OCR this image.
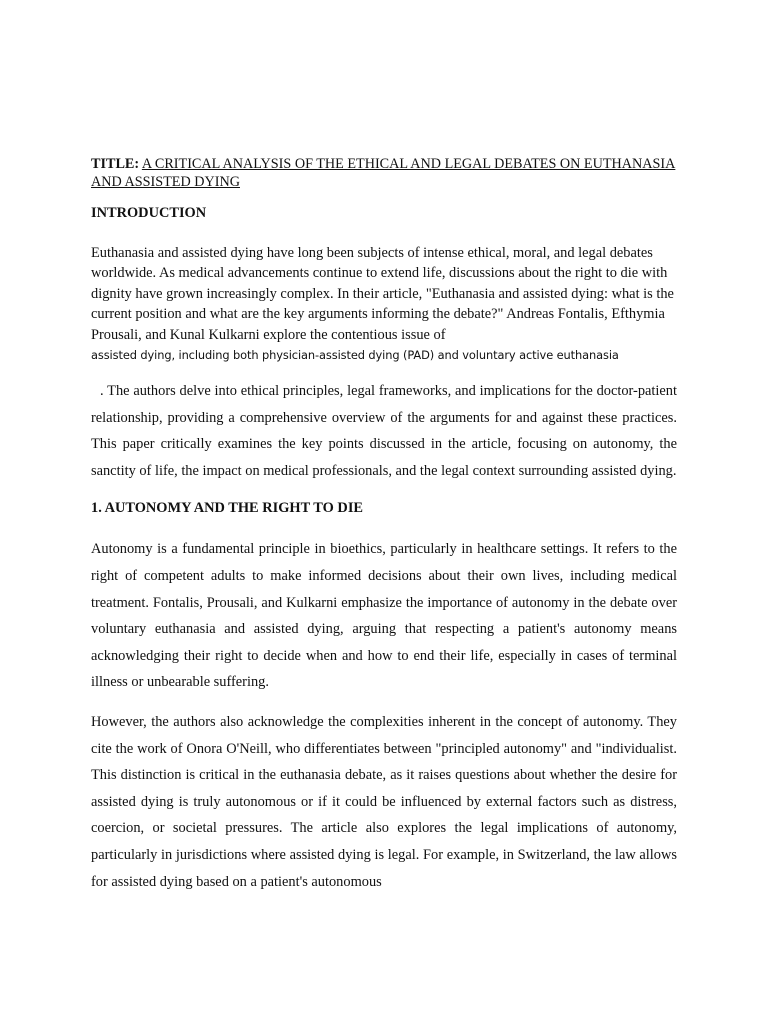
TITLE: A CRITICAL ANALYSIS OF THE ETHICAL AND LEGAL DEBATES ON EUTHANASIA AND ASSISTED DYING

INTRODUCTION

Euthanasia and assisted dying have long been subjects of intense ethical, moral, and legal debates worldwide. As medical advancements continue to extend life, discussions about the right to die with dignity have grown increasingly complex. In their article, "Euthanasia and assisted dying: what is the current position and what are the key arguments informing the debate?" Andreas Fontalis, Efthymia Prousali, and Kunal Kulkarni explore the contentious issue of
assisted dying, including both physician-assisted dying (PAD) and voluntary active euthanasia

. The authors delve into ethical principles, legal frameworks, and implications for the doctor-patient relationship, providing a comprehensive overview of the arguments for and against these practices. This paper critically examines the key points discussed in the article, focusing on autonomy, the sanctity of life, the impact on medical professionals, and the legal context surrounding assisted dying.

1. AUTONOMY AND THE RIGHT TO DIE

Autonomy is a fundamental principle in bioethics, particularly in healthcare settings. It refers to the right of competent adults to make informed decisions about their own lives, including medical treatment. Fontalis, Prousali, and Kulkarni emphasize the importance of autonomy in the debate over voluntary euthanasia and assisted dying, arguing that respecting a patient's autonomy means acknowledging their right to decide when and how to end their life, especially in cases of terminal illness or unbearable suffering.

However, the authors also acknowledge the complexities inherent in the concept of autonomy. They cite the work of Onora O'Neill, who differentiates between "principled autonomy" and "individualist. This distinction is critical in the euthanasia debate, as it raises questions about whether the desire for assisted dying is truly autonomous or if it could be influenced by external factors such as distress, coercion, or societal pressures. The article also explores the legal implications of autonomy, particularly in jurisdictions where assisted dying is legal. For example, in Switzerland, the law allows for assisted dying based on a patient's autonomous
